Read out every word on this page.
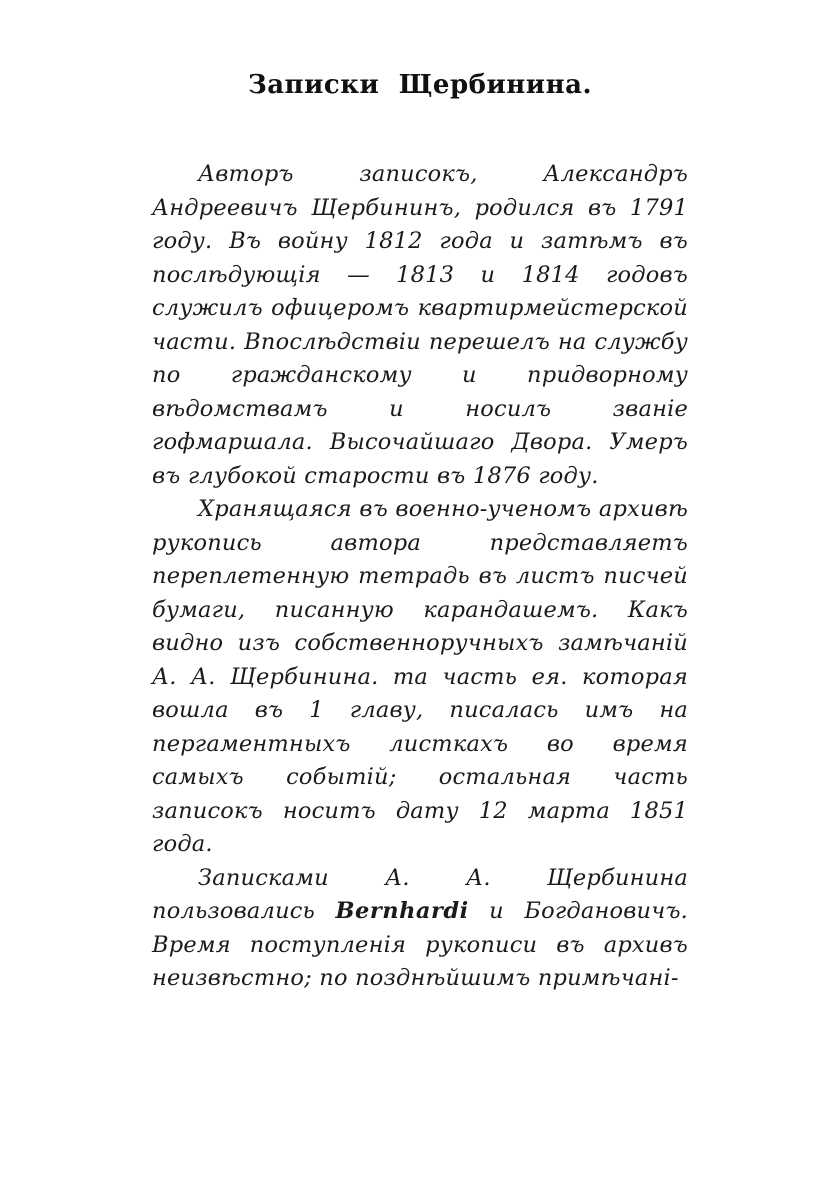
Записки Щербинина.

Авторъ записокъ, Александръ Андреевичъ Щербининъ, родился въ 1791 году. Въ войну 1812 года и затѣмъ въ послѣдующія — 1813 и 1814 годовъ служилъ офицеромъ квартирмейстерской части. Впослѣдствіи перешелъ на службу по гражданскому и придворному вѣдомствамъ и носилъ званіе гофмаршала. Высочайшаго Двора. Умеръ въ глубокой старости въ 1876 году.

Хранящаяся въ военно-ученомъ архивѣ рукопись автора представляетъ переплетенную тетрадь въ листъ писчей бумаги, писанную карандашемъ. Какъ видно изъ собственноручныхъ замѣчаній А. А. Щербинина. та часть ея. которая вошла въ 1 главу, писалась имъ на пергаментныхъ листкахъ во время самыхъ событій; остальная часть записокъ носитъ дату 12 марта 1851 года.

Записками А. А. Щербинина пользовались Bernhardi и Богдановичъ. Время поступленія рукописи въ архивъ неизвѣстно; по позднѣйшимъ примѣчані-
